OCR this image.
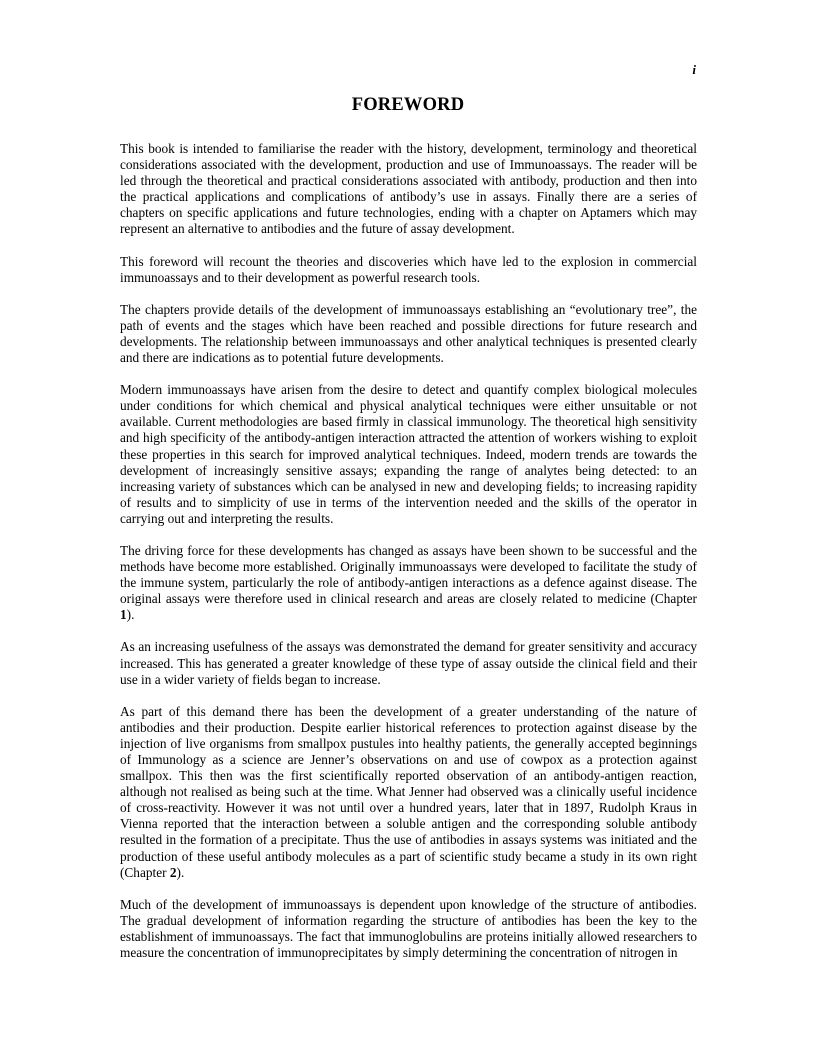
i
FOREWORD

This book is intended to familiarise the reader with the history, development, terminology and theoretical considerations associated with the development, production and use of Immunoassays. The reader will be led through the theoretical and practical considerations associated with antibody, production and then into the practical applications and complications of antibody’s use in assays. Finally there are a series of chapters on specific applications and future technologies, ending with a chapter on Aptamers which may represent an alternative to antibodies and the future of assay development.

This foreword will recount the theories and discoveries which have led to the explosion in commercial immunoassays and to their development as powerful research tools.

The chapters provide details of the development of immunoassays establishing an “evolutionary tree”, the path of events and the stages which have been reached and possible directions for future research and developments. The relationship between immunoassays and other analytical techniques is presented clearly and there are indications as to potential future developments.

Modern immunoassays have arisen from the desire to detect and quantify complex biological molecules under conditions for which chemical and physical analytical techniques were either unsuitable or not available. Current methodologies are based firmly in classical immunology. The theoretical high sensitivity and high specificity of the antibody-antigen interaction attracted the attention of workers wishing to exploit these properties in this search for improved analytical techniques. Indeed, modern trends are towards the development of increasingly sensitive assays; expanding the range of analytes being detected: to an increasing variety of substances which can be analysed in new and developing fields; to increasing rapidity of results and to simplicity of use in terms of the intervention needed and the skills of the operator in carrying out and interpreting the results.

The driving force for these developments has changed as assays have been shown to be successful and the methods have become more established. Originally immunoassays were developed to facilitate the study of the immune system, particularly the role of antibody-antigen interactions as a defence against disease. The original assays were therefore used in clinical research and areas are closely related to medicine (Chapter 1).

As an increasing usefulness of the assays was demonstrated the demand for greater sensitivity and accuracy increased. This has generated a greater knowledge of these type of assay outside the clinical field and their use in a wider variety of fields began to increase.

As part of this demand there has been the development of a greater understanding of the nature of antibodies and their production. Despite earlier historical references to protection against disease by the injection of live organisms from smallpox pustules into healthy patients, the generally accepted beginnings of Immunology as a science are Jenner’s observations on and use of cowpox as a protection against smallpox. This then was the first scientifically reported observation of an antibody-antigen reaction, although not realised as being such at the time. What Jenner had observed was a clinically useful incidence of cross-reactivity. However it was not until over a hundred years, later that in 1897, Rudolph Kraus in Vienna reported that the interaction between a soluble antigen and the corresponding soluble antibody resulted in the formation of a precipitate. Thus the use of antibodies in assays systems was initiated and the production of these useful antibody molecules as a part of scientific study became a study in its own right (Chapter 2).

Much of the development of immunoassays is dependent upon knowledge of the structure of antibodies. The gradual development of information regarding the structure of antibodies has been the key to the establishment of immunoassays. The fact that immunoglobulins are proteins initially allowed researchers to measure the concentration of immunoprecipitates by simply determining the concentration of nitrogen in
